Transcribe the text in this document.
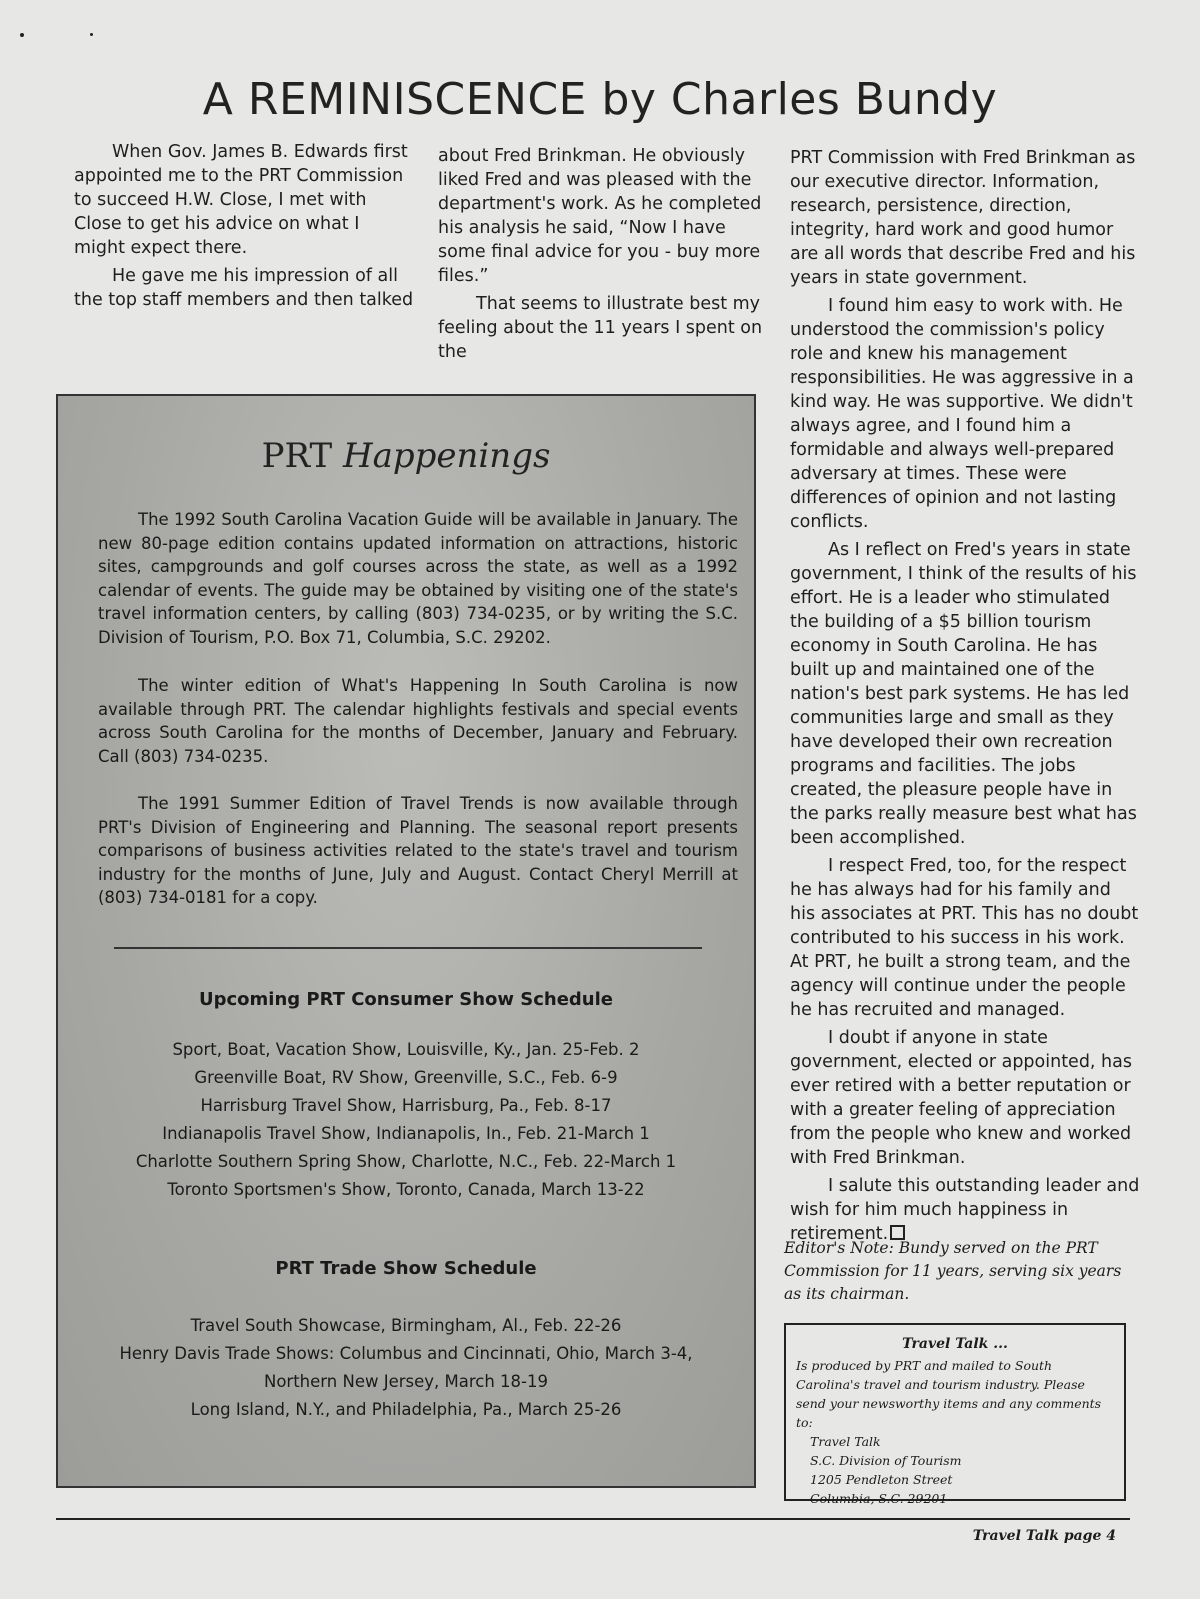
A REMINISCENCE by Charles Bundy

When Gov. James B. Edwards first appointed me to the PRT Commission to succeed H.W. Close, I met with Close to get his advice on what I might expect there.

He gave me his impression of all the top staff members and then talked

about Fred Brinkman. He obviously liked Fred and was pleased with the department's work. As he completed his analysis he said, “Now I have some final advice for you - buy more files.”

That seems to illustrate best my feeling about the 11 years I spent on the

PRT Commission with Fred Brinkman as our executive director. Information, research, persistence, direction, integrity, hard work and good humor are all words that describe Fred and his years in state government.

I found him easy to work with. He understood the commission's policy role and knew his management responsibilities. He was aggressive in a kind way. He was supportive. We didn't always agree, and I found him a formidable and always well-prepared adversary at times. These were differences of opinion and not lasting conflicts.

As I reflect on Fred's years in state government, I think of the results of his effort. He is a leader who stimulated the building of a $5 billion tourism economy in South Carolina. He has built up and maintained one of the nation's best park systems. He has led communities large and small as they have developed their own recreation programs and facilities. The jobs created, the pleasure people have in the parks really measure best what has been accomplished.

I respect Fred, too, for the respect he has always had for his family and his associates at PRT. This has no doubt contributed to his success in his work. At PRT, he built a strong team, and the agency will continue under the people he has recruited and managed.

I doubt if anyone in state government, elected or appointed, has ever retired with a better reputation or with a greater feeling of appreciation from the people who knew and worked with Fred Brinkman.

I salute this outstanding leader and wish for him much happiness in retirement.

Editor's Note: Bundy served on the PRT Commission for 11 years, serving six years as its chairman.

PRT Happenings

The 1992 South Carolina Vacation Guide will be available in January. The new 80-page edition contains updated information on attractions, historic sites, campgrounds and golf courses across the state, as well as a 1992 calendar of events. The guide may be obtained by visiting one of the state's travel information centers, by calling (803) 734-0235, or by writing the S.C. Division of Tourism, P.O. Box 71, Columbia, S.C. 29202.

The winter edition of What's Happening In South Carolina is now available through PRT. The calendar highlights festivals and special events across South Carolina for the months of December, January and February. Call (803) 734-0235.

The 1991 Summer Edition of Travel Trends is now available through PRT's Division of Engineering and Planning. The seasonal report presents comparisons of business activities related to the state's travel and tourism industry for the months of June, July and August. Contact Cheryl Merrill at (803) 734-0181 for a copy.

Upcoming PRT Consumer Show Schedule
Sport, Boat, Vacation Show, Louisville, Ky., Jan. 25-Feb. 2
Greenville Boat, RV Show, Greenville, S.C., Feb. 6-9
Harrisburg Travel Show, Harrisburg, Pa., Feb. 8-17
Indianapolis Travel Show, Indianapolis, In., Feb. 21-March 1
Charlotte Southern Spring Show, Charlotte, N.C., Feb. 22-March 1
Toronto Sportsmen's Show, Toronto, Canada, March 13-22
PRT Trade Show Schedule
Travel South Showcase, Birmingham, Al., Feb. 22-26
Henry Davis Trade Shows: Columbus and Cincinnati, Ohio, March 3-4,
Northern New Jersey, March 18-19
Long Island, N.Y., and Philadelphia, Pa., March 25-26

Travel Talk ...

Is produced by PRT and mailed to South Carolina's travel and tourism industry. Please send your newsworthy items and any comments to:

Travel Talk

S.C. Division of Tourism

1205 Pendleton Street

Columbia, S.C. 29201

Travel Talk page 4
